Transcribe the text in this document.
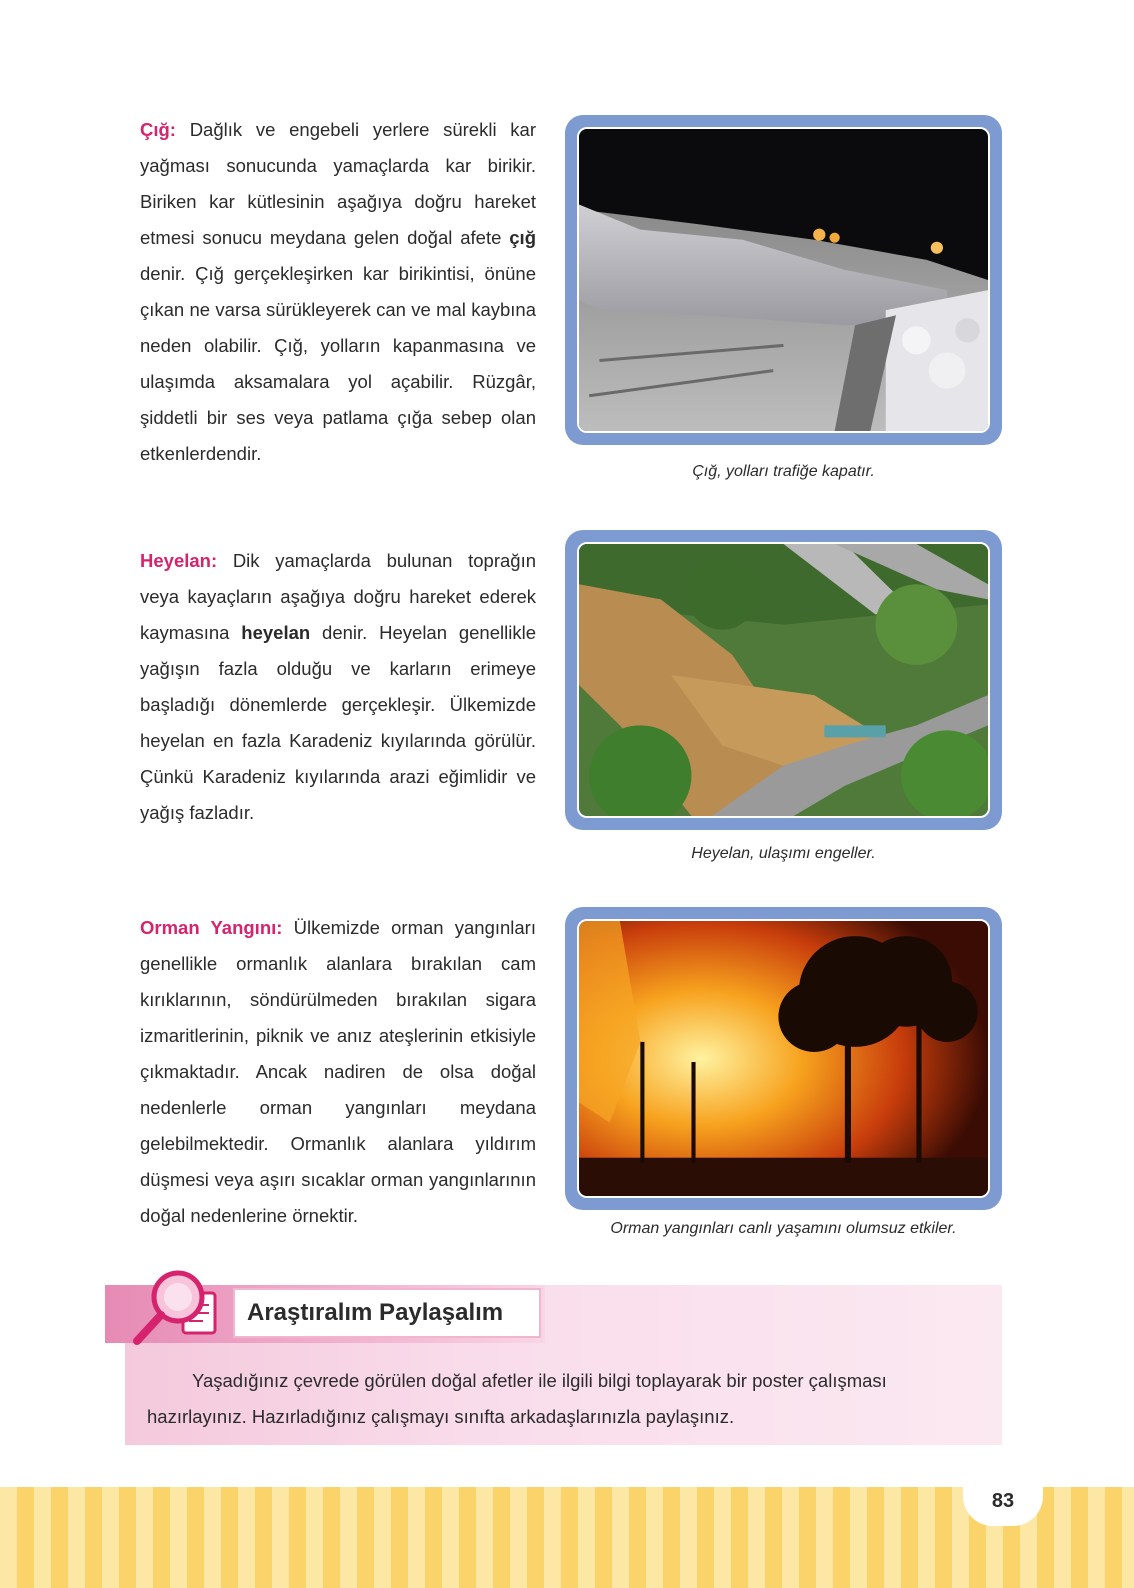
Çığ: Dağlık ve engebeli yerlere sürekli kar yağması sonucunda yamaçlarda kar birikir. Biriken kar kütlesinin aşağıya doğru hareket etmesi sonucu meydana gelen doğal afete çığ denir. Çığ gerçekleşirken kar birikintisi, önüne çıkan ne varsa sürükleyerek can ve mal kaybına neden olabilir. Çığ, yolların kapanmasına ve ulaşımda aksamalara yol açabilir. Rüzgâr, şiddetli bir ses veya patlama çığa sebep olan etkenlerdendir.

Çığ, yolları trafiğe kapatır.

Heyelan: Dik yamaçlarda bulunan toprağın veya kayaçların aşağıya doğru hareket ederek kaymasına heyelan denir. Heyelan genellikle yağışın fazla olduğu ve karların erimeye başladığı dönemlerde gerçekleşir. Ülkemizde heyelan en fazla Karadeniz kıyılarında görülür. Çünkü Karadeniz kıyılarında arazi eğimlidir ve yağış fazladır.

Heyelan, ulaşımı engeller.

Orman Yangını: Ülkemizde orman yangınları genellikle ormanlık alanlara bırakılan cam kırıklarının, söndürülmeden bırakılan sigara izmaritlerinin, piknik ve anız ateşlerinin etkisiyle çıkmaktadır. Ancak nadiren de olsa doğal nedenlerle orman yangınları meydana gelebilmektedir. Ormanlık alanlara yıldırım düşmesi veya aşırı sıcaklar orman yangınlarının doğal nedenlerine örnektir.

Orman yangınları canlı yaşamını olumsuz etkiler.
Araştıralım Paylaşalım

Yaşadığınız çevrede görülen doğal afetler ile ilgili bilgi toplayarak bir poster çalışması hazırlayınız. Hazırladığınız çalışmayı sınıfta arkadaşlarınızla paylaşınız.

83
